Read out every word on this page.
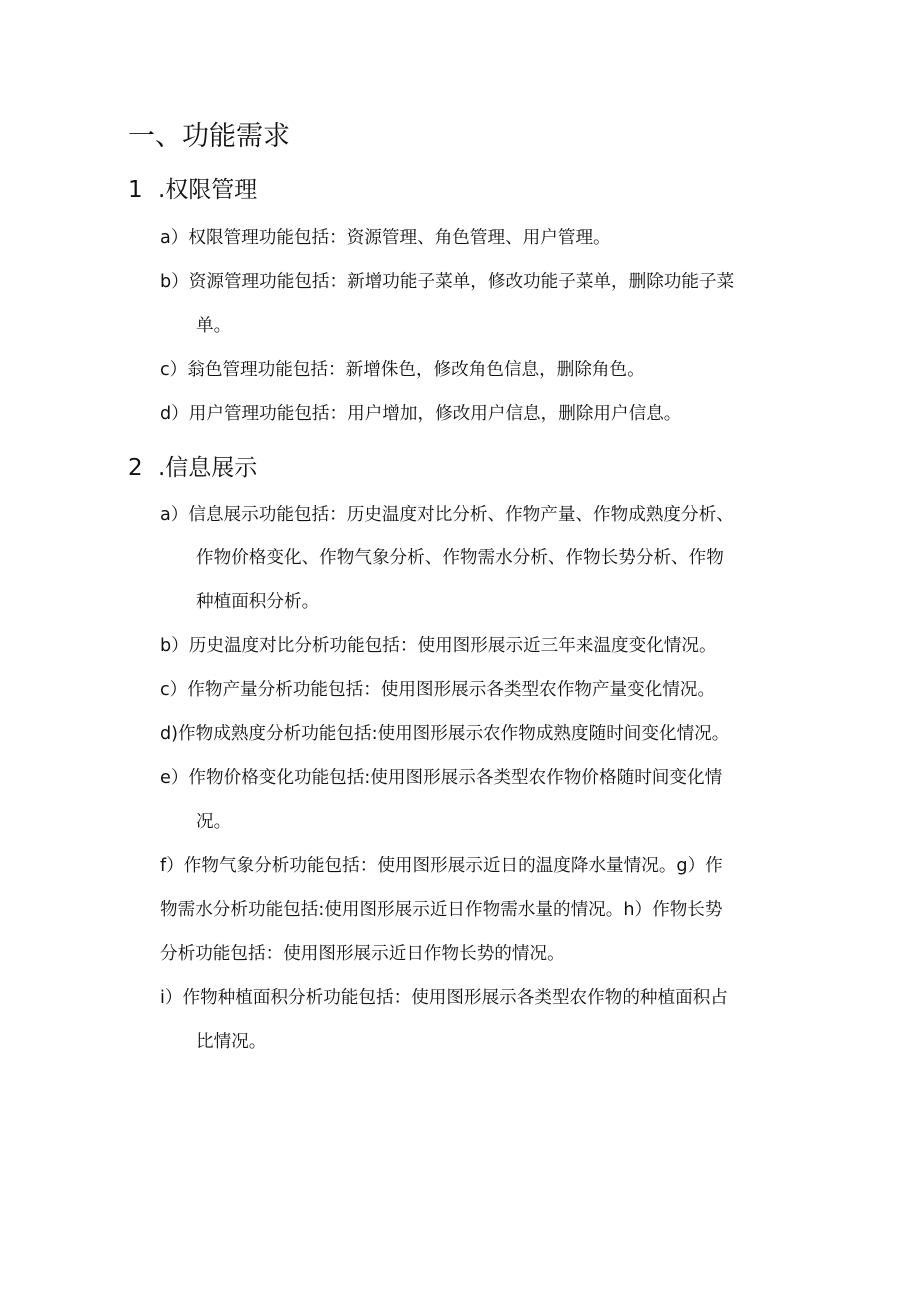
一、功能需求
1 .权限管理
a）权限管理功能包括：资源管理、角色管理、用户管理。
b）资源管理功能包括：新增功能子菜单，修改功能子菜单，删除功能子菜
单。
c）翁色管理功能包括：新增侏色，修改角色信息，删除角色。
d）用户管理功能包括：用户增加，修改用户信息，删除用户信息。
2 .信息展示
a）信息展示功能包括：历史温度对比分析、作物产量、作物成熟度分析、
作物价格变化、作物气象分析、作物需水分析、作物长势分析、作物
种植面积分析。
b）历史温度对比分析功能包括：使用图形展示近三年来温度变化情况。
c）作物产量分析功能包括：使用图形展示各类型农作物产量变化情况。
d)作物成熟度分析功能包括:使用图形展示农作物成熟度随时间变化情况。
e）作物价格变化功能包括:使用图形展示各类型农作物价格随时间变化情
况。
f）作物气象分析功能包括：使用图形展示近日的温度降水量情况。g）作
物需水分析功能包括:使用图形展示近日作物需水量的情况。h）作物长势
分析功能包括：使用图形展示近日作物长势的情况。
i）作物种植面积分析功能包括：使用图形展示各类型农作物的种植面积占
比情况。
